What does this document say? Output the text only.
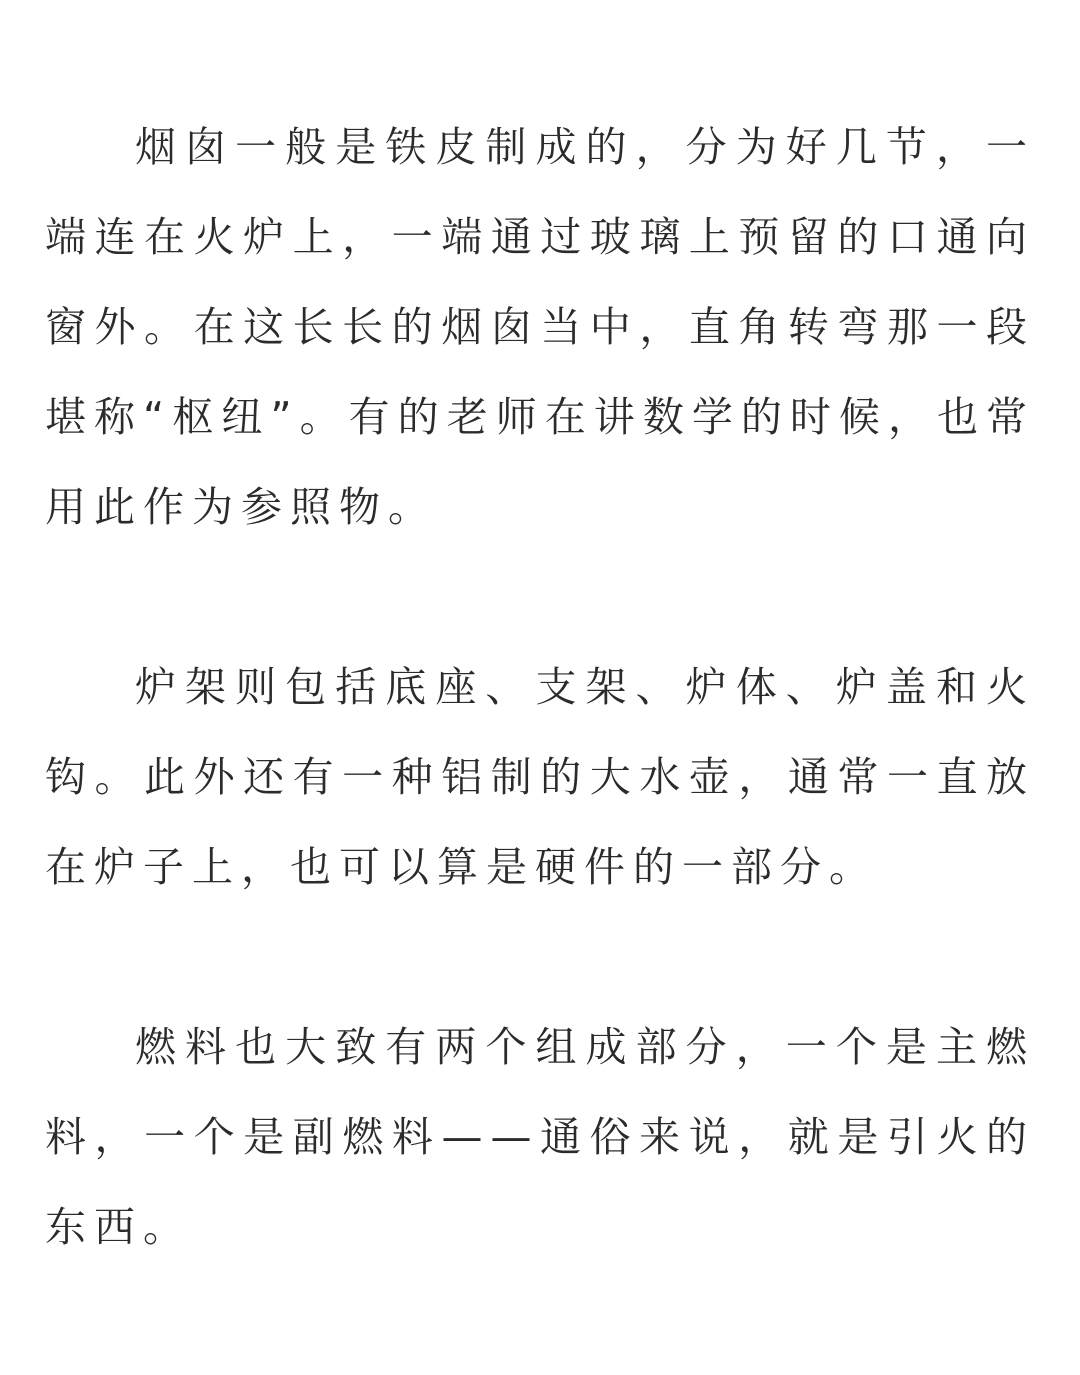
烟囱一般是铁皮制成的，分为好几节，一端连在火炉上，一端通过玻璃上预留的口通向窗外。在这长长的烟囱当中，直角转弯那一段堪称“枢纽”。有的老师在讲数学的时候，也常用此作为参照物。

炉架则包括底座、支架、炉体、炉盖和火钩。此外还有一种铝制的大水壶，通常一直放在炉子上，也可以算是硬件的一部分。

燃料也大致有两个组成部分，一个是主燃料，一个是副燃料——通俗来说，就是引火的东西。
